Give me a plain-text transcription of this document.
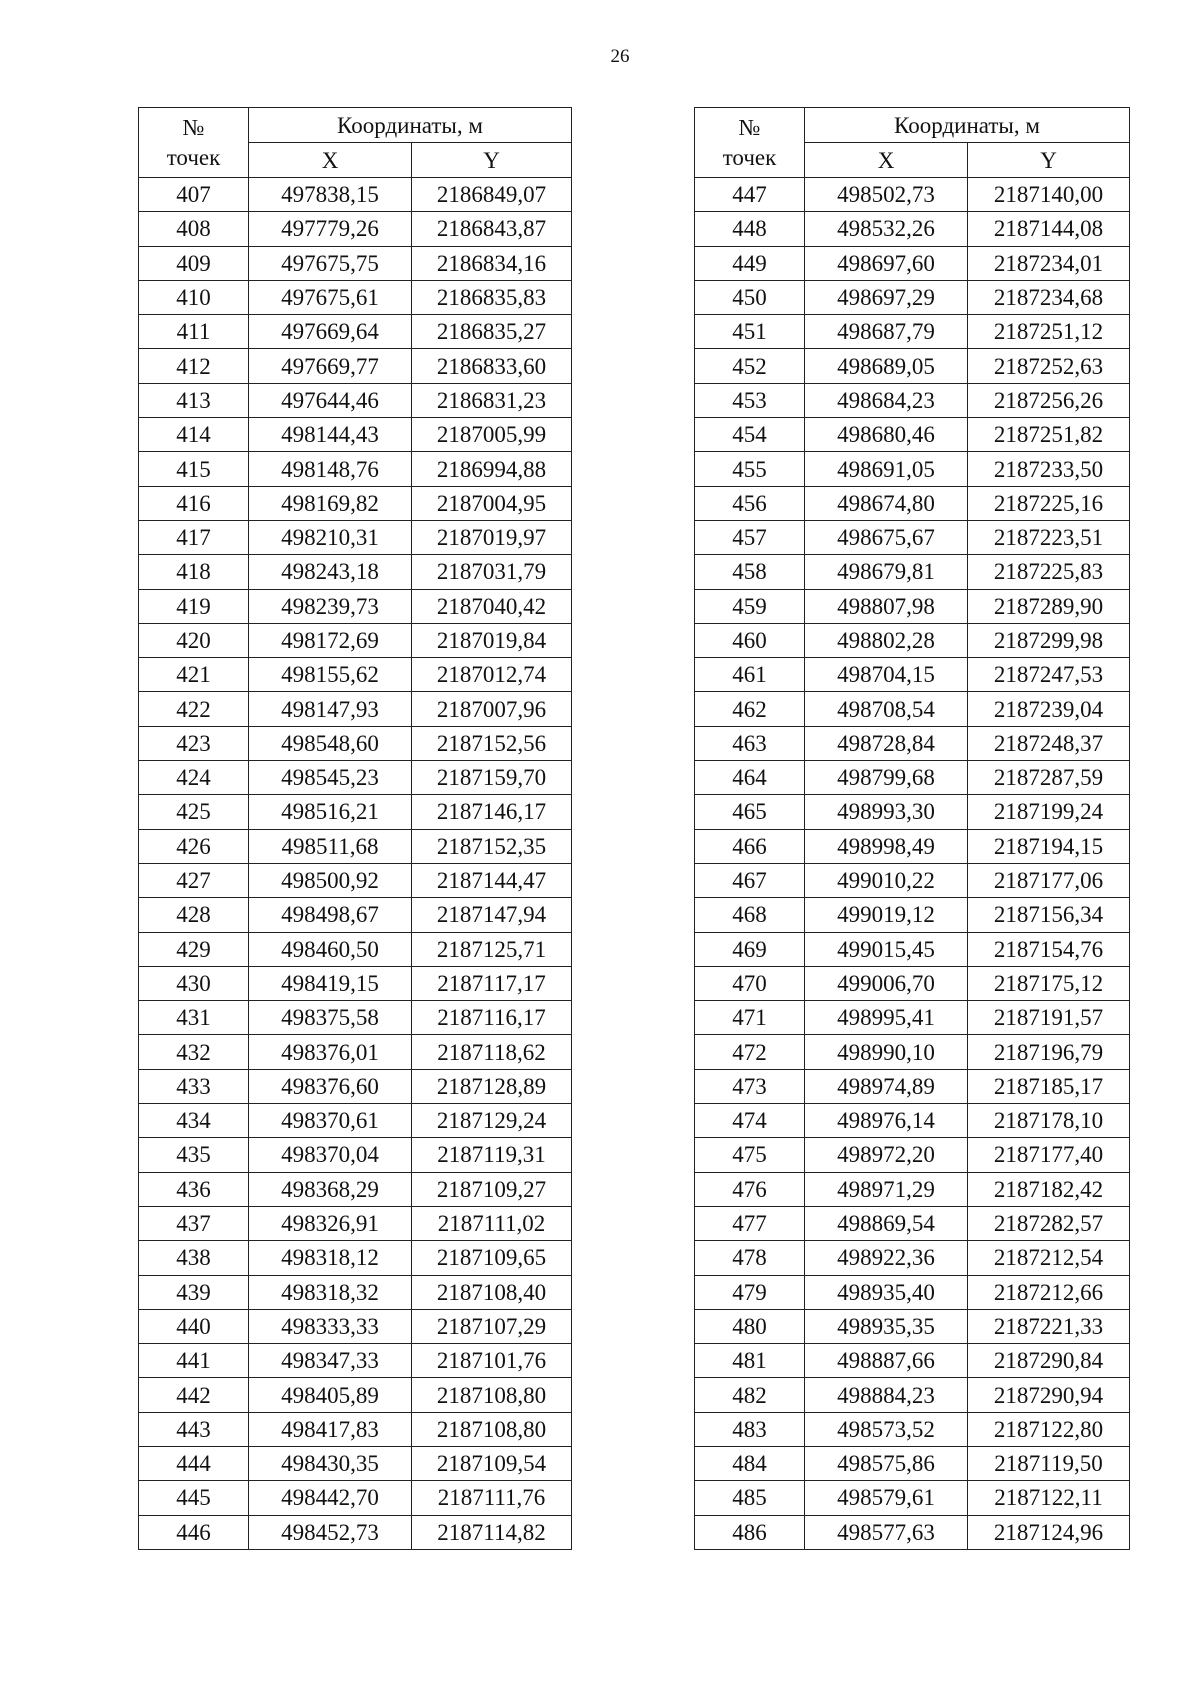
26
№
точек	Координаты, м	
	X	Y
407	497838,15	2186849,07
408	497779,26	2186843,87
409	497675,75	2186834,16
410	497675,61	2186835,83
411	497669,64	2186835,27
412	497669,77	2186833,60
413	497644,46	2186831,23
414	498144,43	2187005,99
415	498148,76	2186994,88
416	498169,82	2187004,95
417	498210,31	2187019,97
418	498243,18	2187031,79
419	498239,73	2187040,42
420	498172,69	2187019,84
421	498155,62	2187012,74
422	498147,93	2187007,96
423	498548,60	2187152,56
424	498545,23	2187159,70
425	498516,21	2187146,17
426	498511,68	2187152,35
427	498500,92	2187144,47
428	498498,67	2187147,94
429	498460,50	2187125,71
430	498419,15	2187117,17
431	498375,58	2187116,17
432	498376,01	2187118,62
433	498376,60	2187128,89
434	498370,61	2187129,24
435	498370,04	2187119,31
436	498368,29	2187109,27
437	498326,91	2187111,02
438	498318,12	2187109,65
439	498318,32	2187108,40
440	498333,33	2187107,29
441	498347,33	2187101,76
442	498405,89	2187108,80
443	498417,83	2187108,80
444	498430,35	2187109,54
445	498442,70	2187111,76
446	498452,73	2187114,82
№
точек	Координаты, м	
	X	Y
447	498502,73	2187140,00
448	498532,26	2187144,08
449	498697,60	2187234,01
450	498697,29	2187234,68
451	498687,79	2187251,12
452	498689,05	2187252,63
453	498684,23	2187256,26
454	498680,46	2187251,82
455	498691,05	2187233,50
456	498674,80	2187225,16
457	498675,67	2187223,51
458	498679,81	2187225,83
459	498807,98	2187289,90
460	498802,28	2187299,98
461	498704,15	2187247,53
462	498708,54	2187239,04
463	498728,84	2187248,37
464	498799,68	2187287,59
465	498993,30	2187199,24
466	498998,49	2187194,15
467	499010,22	2187177,06
468	499019,12	2187156,34
469	499015,45	2187154,76
470	499006,70	2187175,12
471	498995,41	2187191,57
472	498990,10	2187196,79
473	498974,89	2187185,17
474	498976,14	2187178,10
475	498972,20	2187177,40
476	498971,29	2187182,42
477	498869,54	2187282,57
478	498922,36	2187212,54
479	498935,40	2187212,66
480	498935,35	2187221,33
481	498887,66	2187290,84
482	498884,23	2187290,94
483	498573,52	2187122,80
484	498575,86	2187119,50
485	498579,61	2187122,11
486	498577,63	2187124,96
